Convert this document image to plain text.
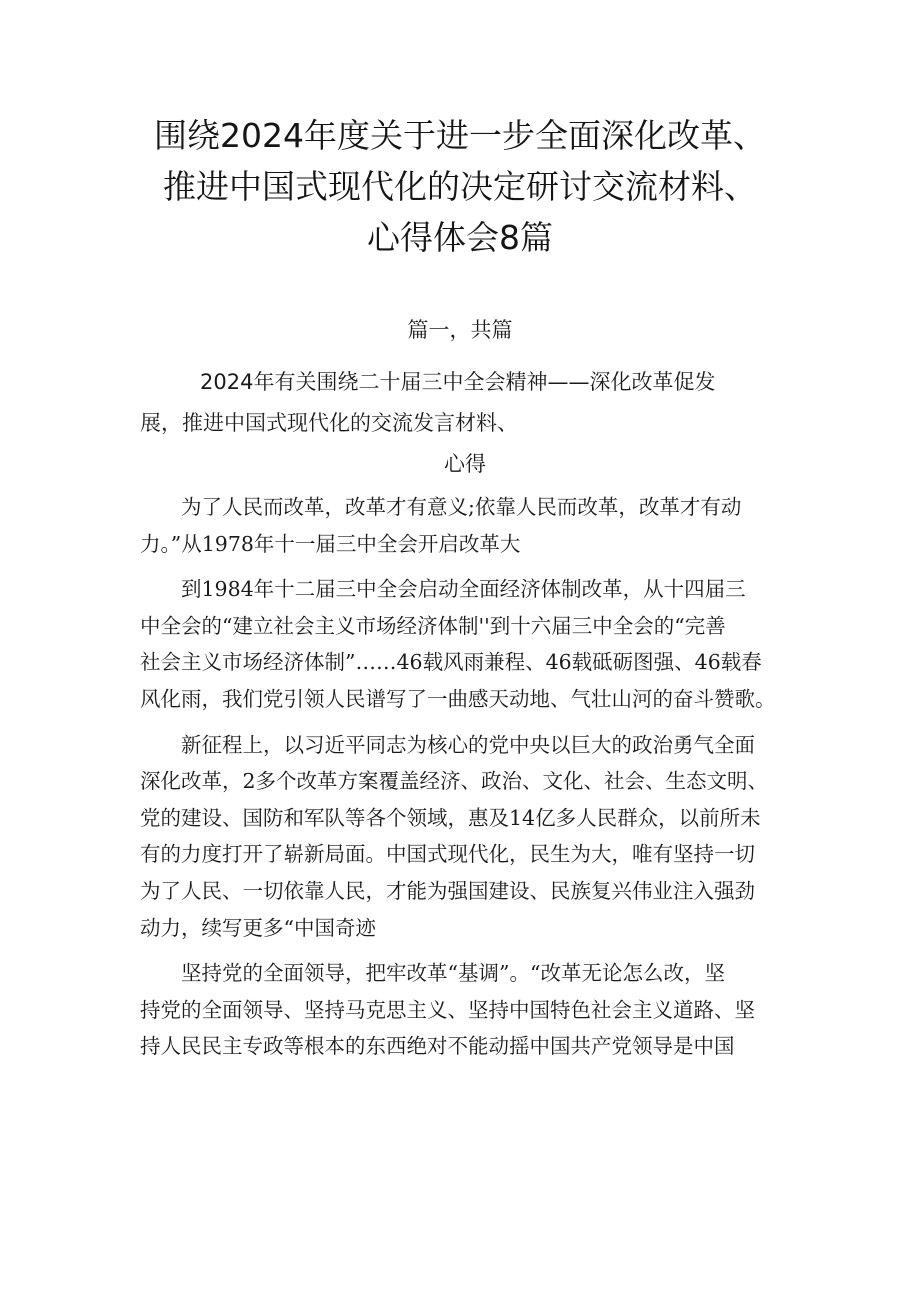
围绕2024年度关于进一步全面深化改革、
推进中国式现代化的决定研讨交流材料、
心得体会8篇
篇一，共篇
2024年有关围绕二十届三中全会精神——深化改革促发
展，推进中国式现代化的交流发言材料、
心得
为了人民而改革，改革才有意义;依靠人民而改革，改革才有动
力。”从1978年十一届三中全会开启改革大
到1984年十二届三中全会启动全面经济体制改革，从十四届三
中全会的“建立社会主义市场经济体制''到十六届三中全会的“完善
社会主义市场经济体制”……46载风雨兼程、46载砥砺图强、46载春
风化雨，我们党引领人民谱写了一曲感天动地、气壮山河的奋斗赞歌。
新征程上，以习近平同志为核心的党中央以巨大的政治勇气全面
深化改革，2多个改革方案覆盖经济、政治、文化、社会、生态文明、
党的建设、国防和军队等各个领域，惠及14亿多人民群众，以前所未
有的力度打开了崭新局面。中国式现代化，民生为大，唯有坚持一切
为了人民、一切依靠人民，才能为强国建设、民族复兴伟业注入强劲
动力，续写更多“中国奇迹
坚持党的全面领导，把牢改革“基调”。“改革无论怎么改，坚
持党的全面领导、坚持马克思主义、坚持中国特色社会主义道路、坚
持人民民主专政等根本的东西绝对不能动摇中国共产党领导是中国
